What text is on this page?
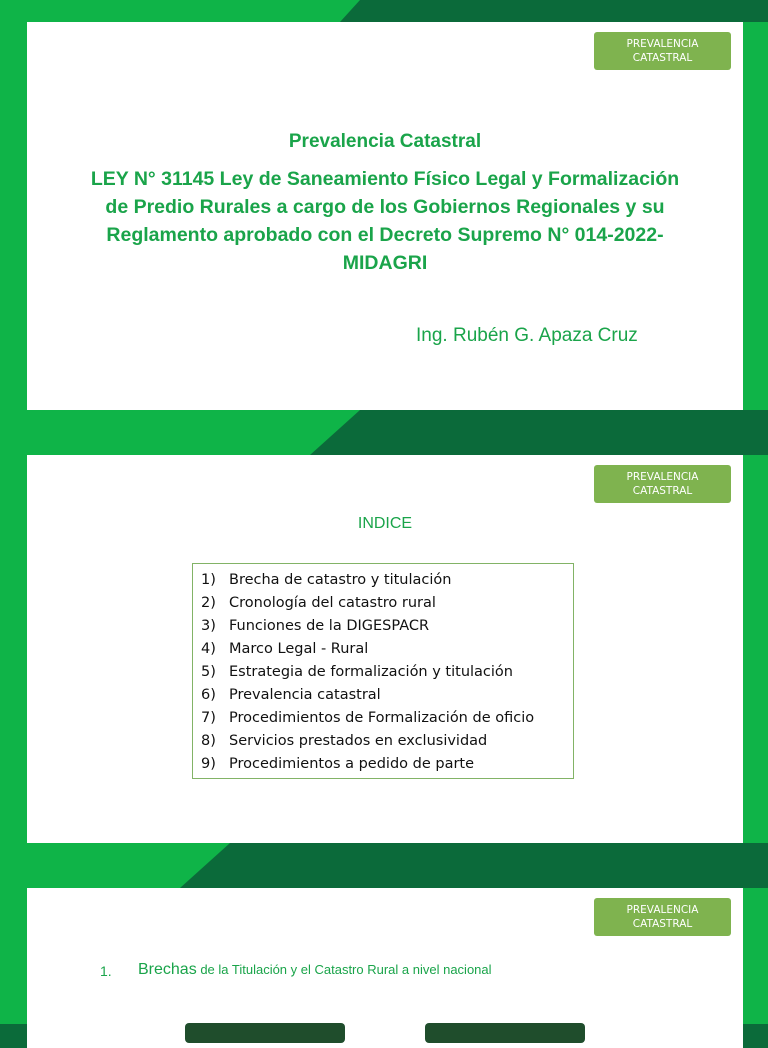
PREVALENCIA CATASTRAL
Prevalencia Catastral
LEY N° 31145 Ley de Saneamiento Físico Legal y Formalización de Predio Rurales a cargo de los Gobiernos Regionales y su Reglamento aprobado con el Decreto Supremo N° 014-2022-MIDAGRI
Ing. Rubén G. Apaza Cruz
PREVALENCIA CATASTRAL
INDICE
1) Brecha de catastro y titulación
2) Cronología del catastro rural
3) Funciones de la DIGESPACR
4) Marco Legal - Rural
5) Estrategia de formalización y titulación
6) Prevalencia catastral
7) Procedimientos de Formalización de oficio
8) Servicios prestados en exclusividad
9) Procedimientos a pedido de parte
PREVALENCIA CATASTRAL
1. Brechas de la Titulación y el Catastro Rural a nivel nacional
